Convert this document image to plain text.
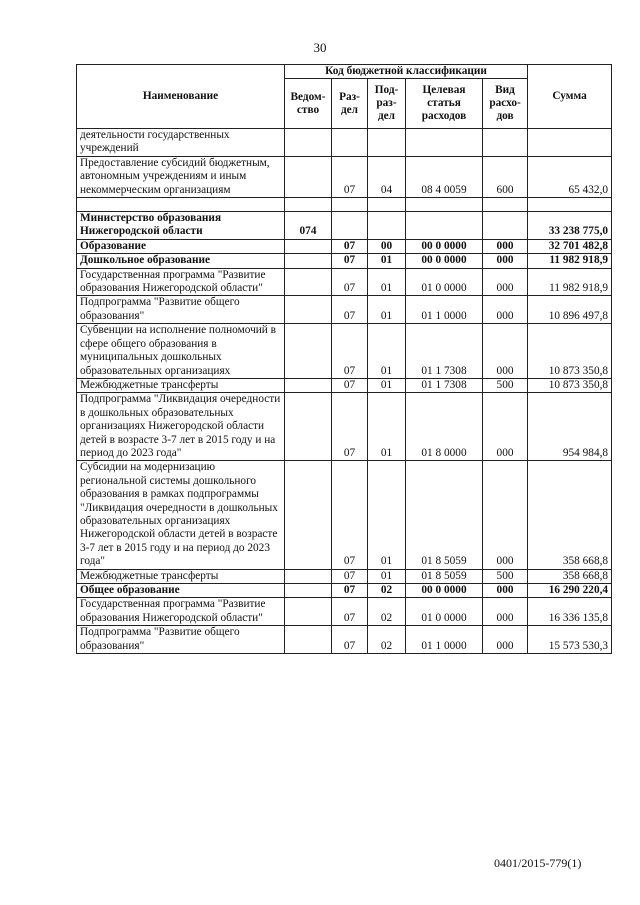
30
Наименование	Код бюджетной классификации					Сумма
	Ведом-ство	Раз-дел	Под-раз-дел	Целевая статья расходов	Вид расхо-дов	
деятельности государственных учреждений						
Предоставление субсидий бюджетным, автономным учреждениям и иным некоммерческим организациям		07	04	08 4 0059	600	65 432,0

Министерство образования Нижегородской области	074					33 238 775,0
Образование		07	00	00 0 0000	000	32 701 482,8
Дошкольное образование		07	01	00 0 0000	000	11 982 918,9
Государственная программа "Развитие образования Нижегородской области"		07	01	01 0 0000	000	11 982 918,9
Подпрограмма "Развитие общего образования"		07	01	01 1 0000	000	10 896 497,8
Субвенции на исполнение полномочий в сфере общего образования в муниципальных дошкольных образовательных организациях		07	01	01 1 7308	000	10 873 350,8
Межбюджетные трансферты		07	01	01 1 7308	500	10 873 350,8
Подпрограмма "Ликвидация очередности в дошкольных образовательных организациях Нижегородской области детей в возрасте 3-7 лет в 2015 году и на период до 2023 года"		07	01	01 8 0000	000	954 984,8
Субсидии на модернизацию региональной системы дошкольного образования в рамках подпрограммы "Ликвидация очередности в дошкольных образовательных организациях Нижегородской области детей в возрасте 3-7 лет в 2015 году и на период до 2023 года"		07	01	01 8 5059	000	358 668,8
Межбюджетные трансферты		07	01	01 8 5059	500	358 668,8
Общее образование		07	02	00 0 0000	000	16 290 220,4
Государственная программа "Развитие образования Нижегородской области"		07	02	01 0 0000	000	16 336 135,8
Подпрограмма "Развитие общего образования"		07	02	01 1 0000	000	15 573 530,3
0401/2015-779(1)
